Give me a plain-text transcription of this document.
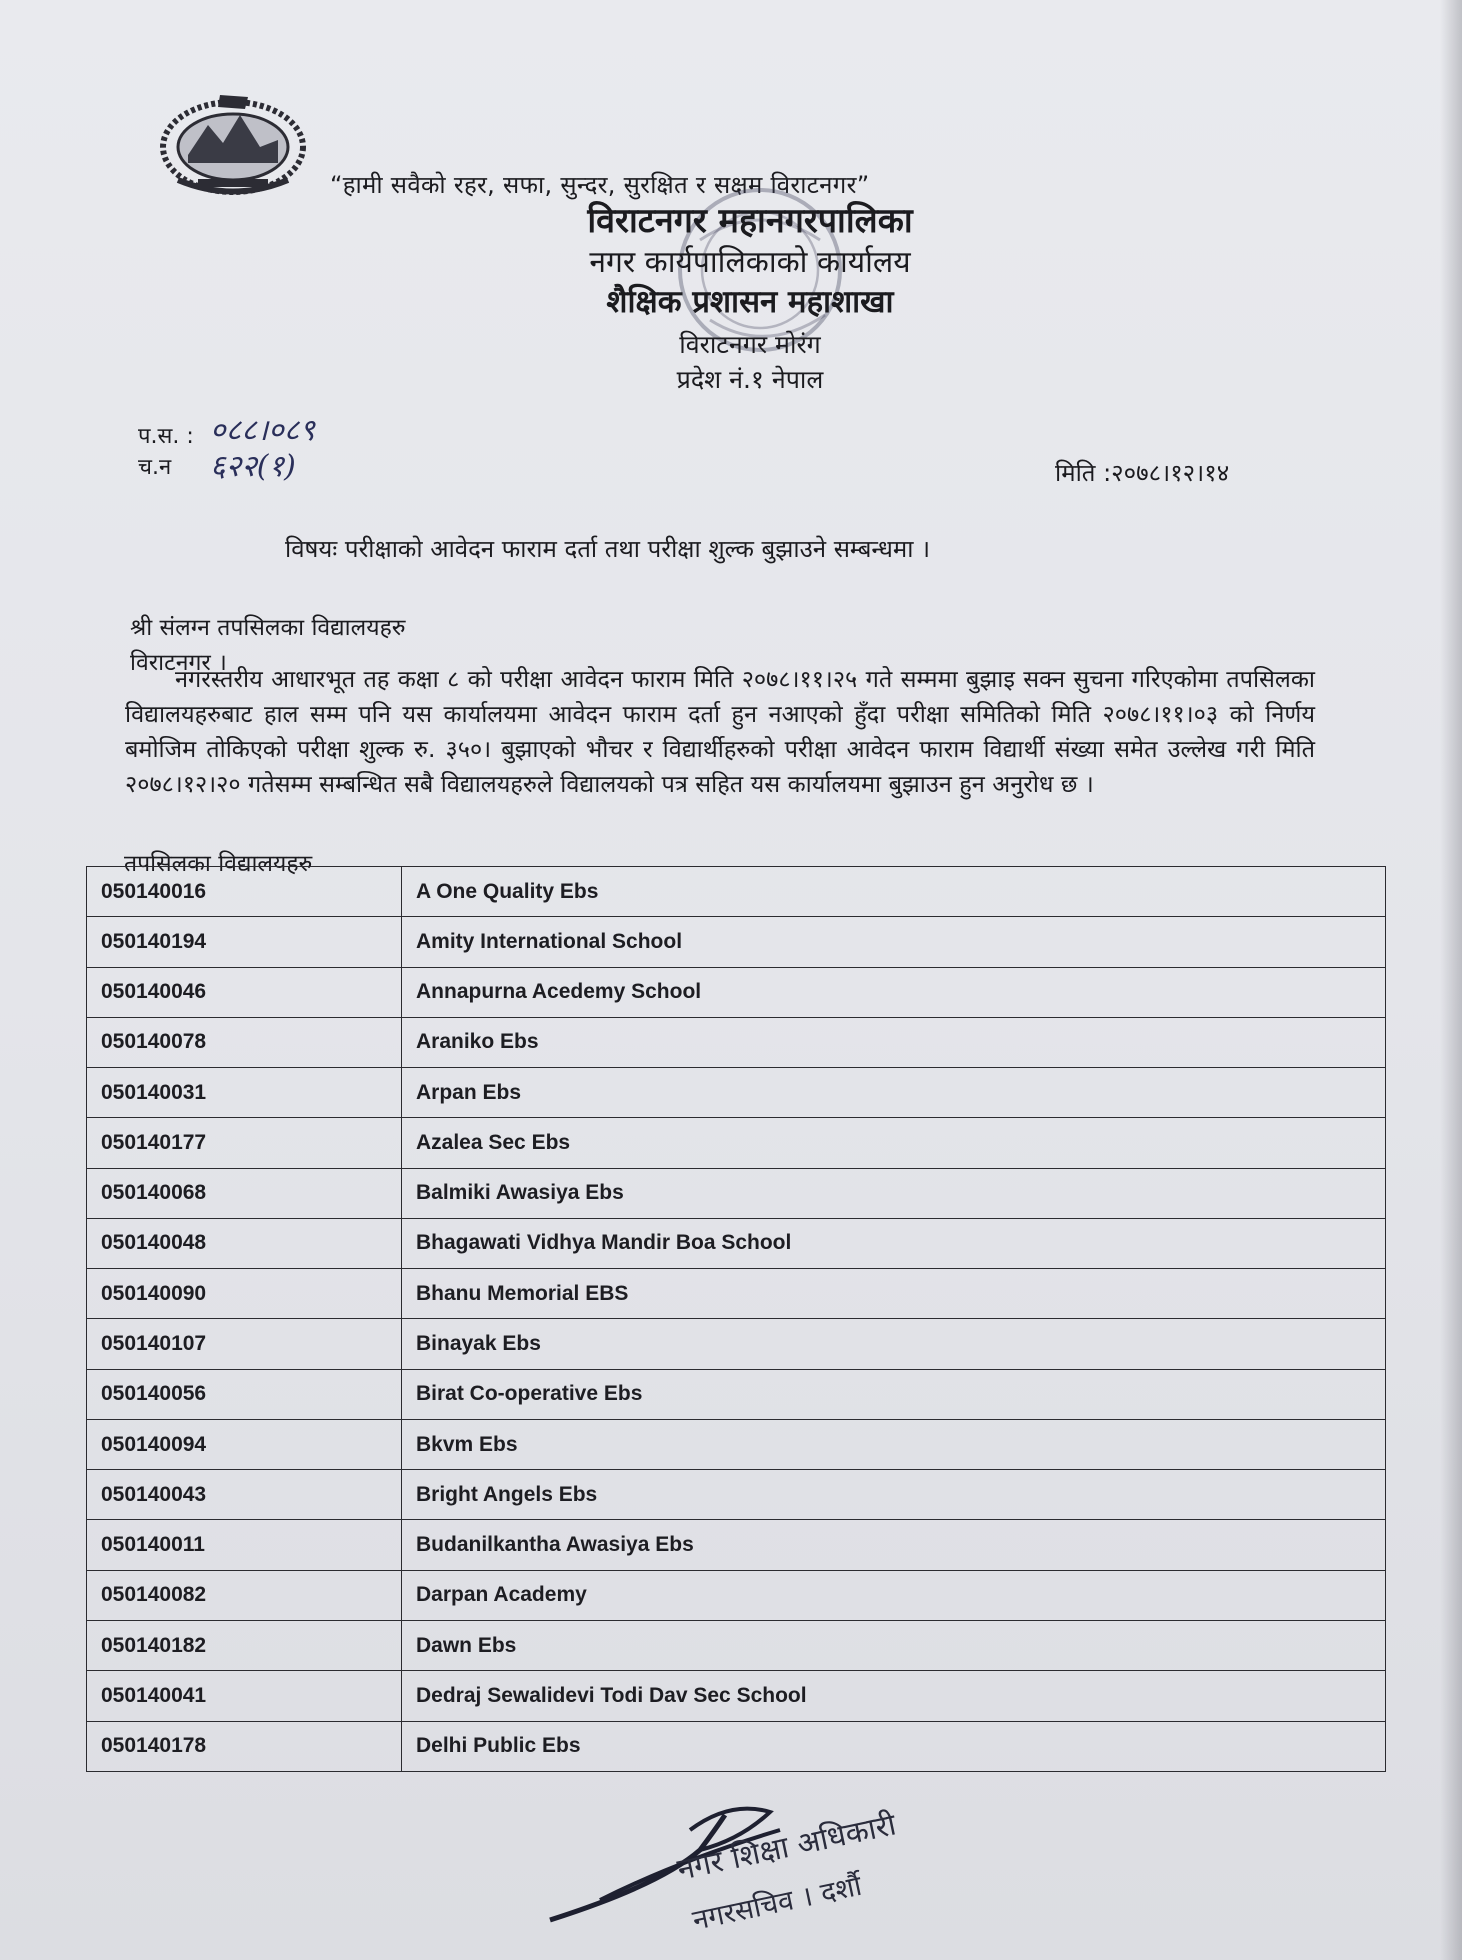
“हामी सवैको रहर, सफा, सुन्दर, सुरक्षित र सक्षम विराटनगर”
विराटनगर महानगरपालिका
नगर कार्यपालिकाको कार्यालय
शैक्षिक प्रशासन महाशाखा
विराटनगर मोरंग
प्रदेश नं.१ नेपाल
प.स. : ०८८।०८९
च.न ६२२(१)	मिति :२०७८।१२।१४
विषयः परीक्षाको आवेदन फाराम दर्ता तथा परीक्षा शुल्क बुझाउने सम्बन्धमा ।
श्री संलग्न तपसिलका विद्यालयहरु
विराटनगर ।
नगरस्तरीय आधारभूत तह कक्षा ८ को परीक्षा आवेदन फाराम मिति २०७८।११।२५ गते सम्ममा बुझाइ सक्न सुचना गरिएकोमा तपसिलका विद्यालयहरुबाट हाल सम्म पनि यस कार्यालयमा आवेदन फाराम दर्ता हुन नआएको हुँदा परीक्षा समितिको मिति २०७८।११।०३ को निर्णय बमोजिम तोकिएको परीक्षा शुल्क रु. ३५०। बुझाएको भौचर र विद्यार्थीहरुको परीक्षा आवेदन फाराम विद्यार्थी संख्या समेत उल्लेख गरी मिति २०७८।१२।२० गतेसम्म सम्बन्धित सबै विद्यालयहरुले विद्यालयको पत्र सहित यस कार्यालयमा बुझाउन हुन अनुरोध छ ।
तपसिलका विद्यालयहरु
050140016	A One Quality Ebs
050140194	Amity International School
050140046	Annapurna Acedemy School
050140078	Araniko Ebs
050140031	Arpan Ebs
050140177	Azalea Sec Ebs
050140068	Balmiki Awasiya Ebs
050140048	Bhagawati Vidhya Mandir Boa School
050140090	Bhanu Memorial EBS
050140107	Binayak Ebs
050140056	Birat Co-operative Ebs
050140094	Bkvm Ebs
050140043	Bright Angels Ebs
050140011	Budanilkantha Awasiya Ebs
050140082	Darpan Academy
050140182	Dawn Ebs
050140041	Dedraj Sewalidevi Todi Dav Sec School
050140178	Delhi Public Ebs
नगर शिक्षा अधिकारी
नगरसचिव । दर्शौ
